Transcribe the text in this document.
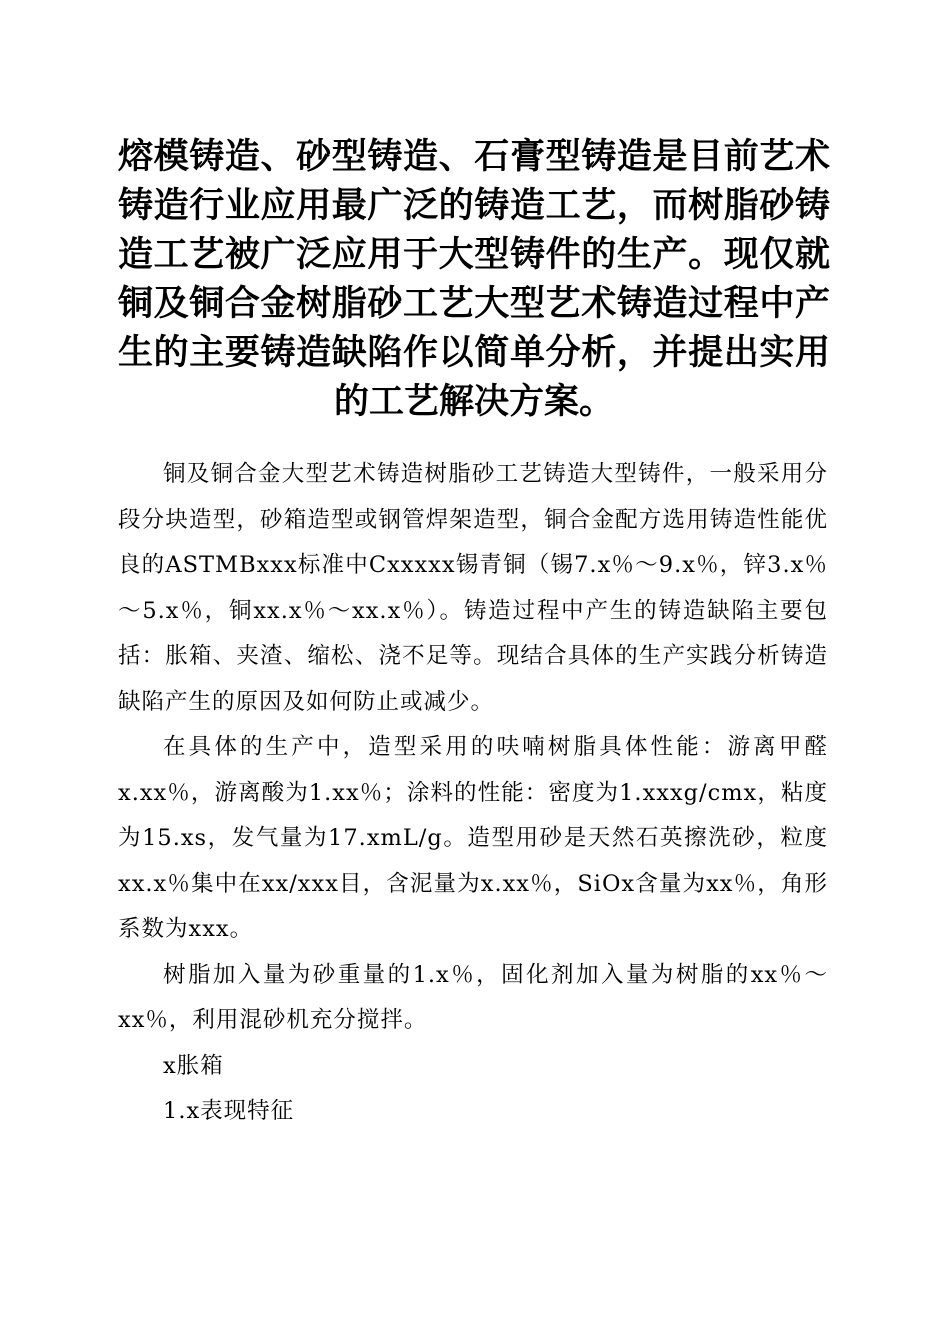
熔模铸造、砂型铸造、石膏型铸造是目前艺术铸造行业应用最广泛的铸造工艺，而树脂砂铸造工艺被广泛应用于大型铸件的生产。现仅就铜及铜合金树脂砂工艺大型艺术铸造过程中产生的主要铸造缺陷作以简单分析，并提出实用的工艺解决方案。

铜及铜合金大型艺术铸造树脂砂工艺铸造大型铸件，一般采用分段分块造型，砂箱造型或钢管焊架造型，铜合金配方选用铸造性能优良的ASTMBxxx标准中Cxxxxx锡青铜（锡7.x％～9.x％，锌3.x％～5.x％，铜xx.x％～xx.x％）。铸造过程中产生的铸造缺陷主要包括：胀箱、夹渣、缩松、浇不足等。现结合具体的生产实践分析铸造缺陷产生的原因及如何防止或减少。

在具体的生产中，造型采用的呋喃树脂具体性能：游离甲醛x.xx％，游离酸为1.xx％；涂料的性能：密度为1.xxxg/cmx，粘度为15.xs，发气量为17.xmL/g。造型用砂是天然石英擦洗砂，粒度xx.x％集中在xx/xxx目，含泥量为x.xx％，SiOx含量为xx％，角形系数为xxx。

树脂加入量为砂重量的1.x％，固化剂加入量为树脂的xx％～xx％，利用混砂机充分搅拌。

x胀箱

1.x表现特征
